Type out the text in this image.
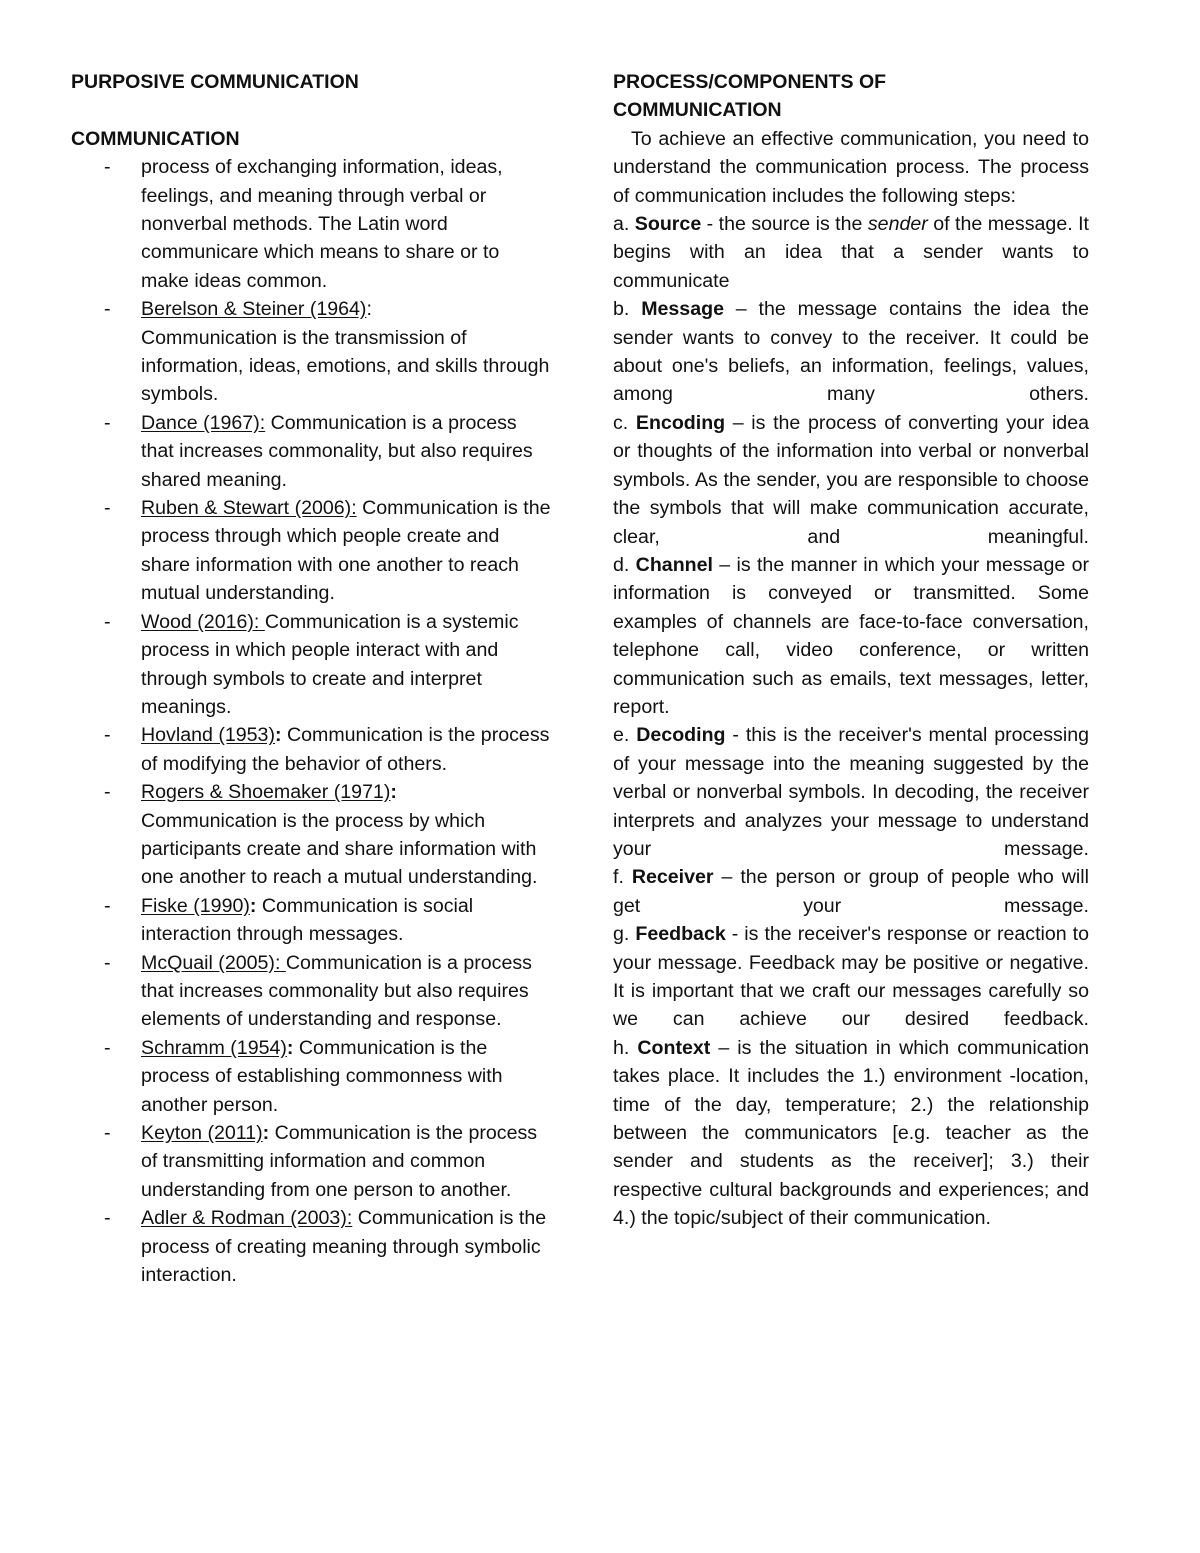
PURPOSIVE COMMUNICATION

COMMUNICATION

- process of exchanging information, ideas, feelings, and meaning through verbal or nonverbal methods. The Latin word communicare which means to share or to make ideas common.
- Berelson & Steiner (1964):
Communication is the transmission of information, ideas, emotions, and skills through symbols.
- Dance (1967): Communication is a process that increases commonality, but also requires shared meaning.
- Ruben & Stewart (2006): Communication is the process through which people create and share information with one another to reach mutual understanding.
- Wood (2016): Communication is a systemic process in which people interact with and through symbols to create and interpret meanings.
- Hovland (1953): Communication is the process of modifying the behavior of others.
- Rogers & Shoemaker (1971):
Communication is the process by which participants create and share information with one another to reach a mutual understanding.
- Fiske (1990): Communication is social interaction through messages.
- McQuail (2005): Communication is a process that increases commonality but also requires elements of understanding and response.
- Schramm (1954): Communication is the process of establishing commonness with another person.
- Keyton (2011): Communication is the process of transmitting information and common understanding from one person to another.
- Adler & Rodman (2003): Communication is the process of creating meaning through symbolic interaction.

PROCESS/COMPONENTS OF

COMMUNICATION

To achieve an effective communication, you need to understand the communication process. The process of communication includes the following steps:

a. Source - the source is the sender of the message. It begins with an idea that a sender wants to communicate

b. Message – the message contains the idea the sender wants to convey to the receiver. It could be about one's beliefs, an information, feelings, values, among many others.

c. Encoding – is the process of converting your idea or thoughts of the information into verbal or nonverbal symbols. As the sender, you are responsible to choose the symbols that will make communication accurate, clear, and meaningful.

d. Channel – is the manner in which your message or information is conveyed or transmitted. Some examples of channels are face-to-face conversation, telephone call, video conference, or written communication such as emails, text messages, letter, report.

e. Decoding - this is the receiver's mental processing of your message into the meaning suggested by the verbal or nonverbal symbols. In decoding, the receiver interprets and analyzes your message to understand your message.

f. Receiver – the person or group of people who will get your message.

g. Feedback - is the receiver's response or reaction to your message. Feedback may be positive or negative. It is important that we craft our messages carefully so we can achieve our desired feedback.

h. Context – is the situation in which communication takes place. It includes the 1.) environment -location, time of the day, temperature; 2.) the relationship between the communicators [e.g. teacher as the sender and students as the receiver]; 3.) their respective cultural backgrounds and experiences; and 4.) the topic/subject of their communication.
